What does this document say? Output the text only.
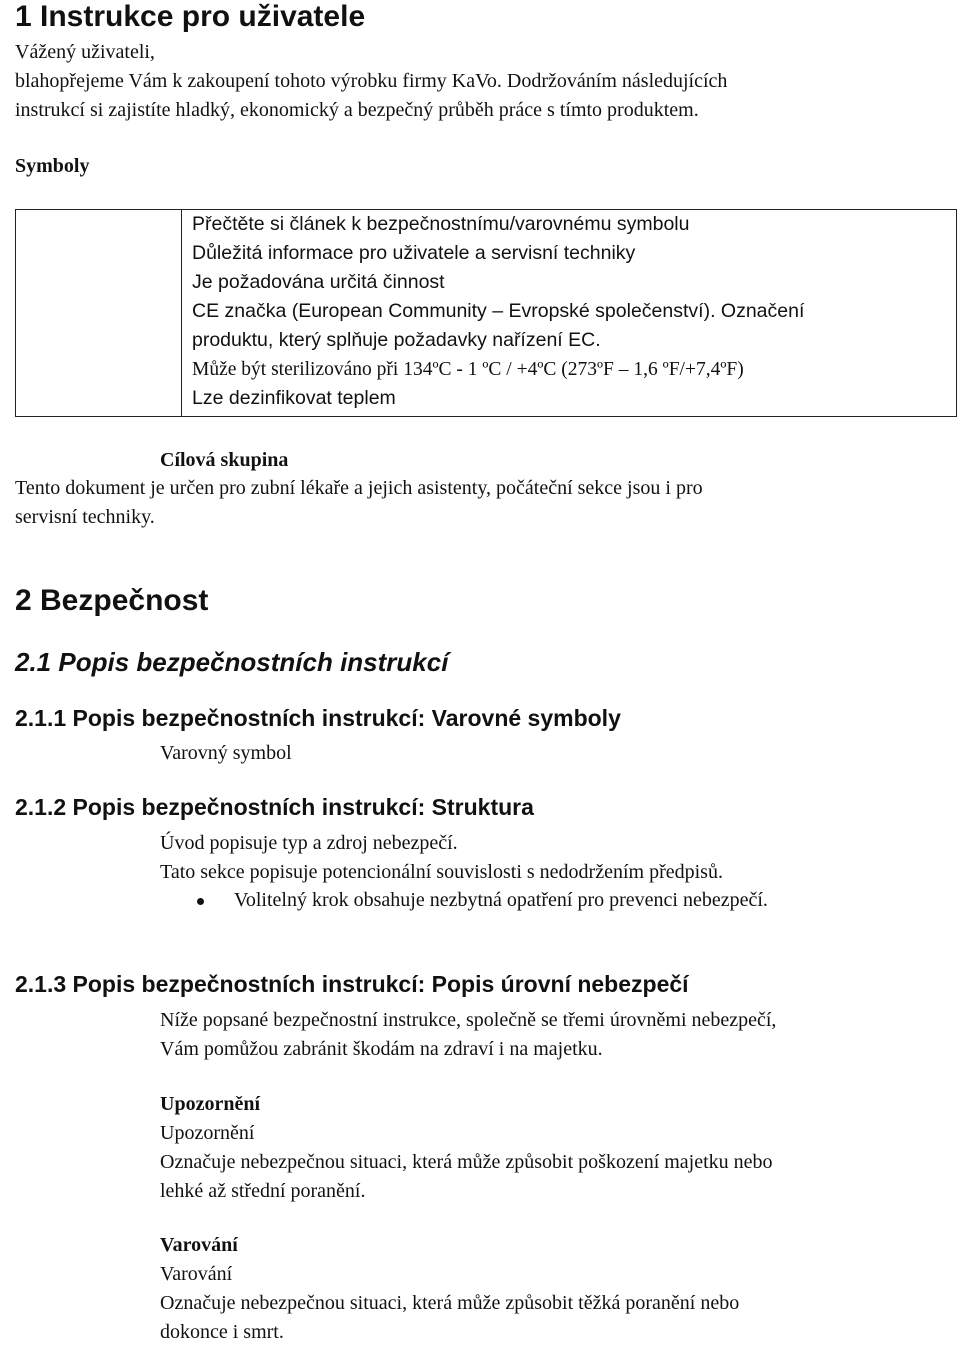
1 Instrukce pro uživatele
Vážený uživateli,
blahopřejeme Vám k zakoupení tohoto výrobku firmy KaVo. Dodržováním následujících
instrukcí si zajistíte hladký, ekonomický a bezpečný průběh práce s tímto produktem.
Symboly

Přečtěte si článek k bezpečnostnímu/varovnému symbolu
Důležitá informace pro uživatele a servisní techniky
Je požadována určitá činnost
CE značka (European Community – Evropské společenství). Označení
produktu, který splňuje požadavky nařízení EC.
Může být sterilizováno při 134ºC - 1 ºC / +4ºC (273ºF – 1,6 ºF/+7,4ºF)
Lze dezinfikovat teplem
Cílová skupina
Tento dokument je určen pro zubní lékaře a jejich asistenty, počáteční sekce jsou i pro
servisní techniky.
2 Bezpečnost
2.1 Popis bezpečnostních instrukcí
2.1.1 Popis bezpečnostních instrukcí: Varovné symboly
Varovný symbol
2.1.2 Popis bezpečnostních instrukcí: Struktura
Úvod popisuje typ a zdroj nebezpečí.
Tato sekce popisuje potencionální souvislosti s nedodržením předpisů.
Volitelný krok obsahuje nezbytná opatření pro prevenci nebezpečí.
2.1.3 Popis bezpečnostních instrukcí: Popis úrovní nebezpečí
Níže popsané bezpečnostní instrukce, společně se třemi úrovněmi nebezpečí,
Vám pomůžou zabránit škodám na zdraví i na majetku.
Upozornění
Upozornění
Označuje nebezpečnou situaci, která může způsobit poškození majetku nebo
lehké až střední poranění.
Varování
Varování
Označuje nebezpečnou situaci, která může způsobit těžká poranění nebo
dokonce i smrt.
